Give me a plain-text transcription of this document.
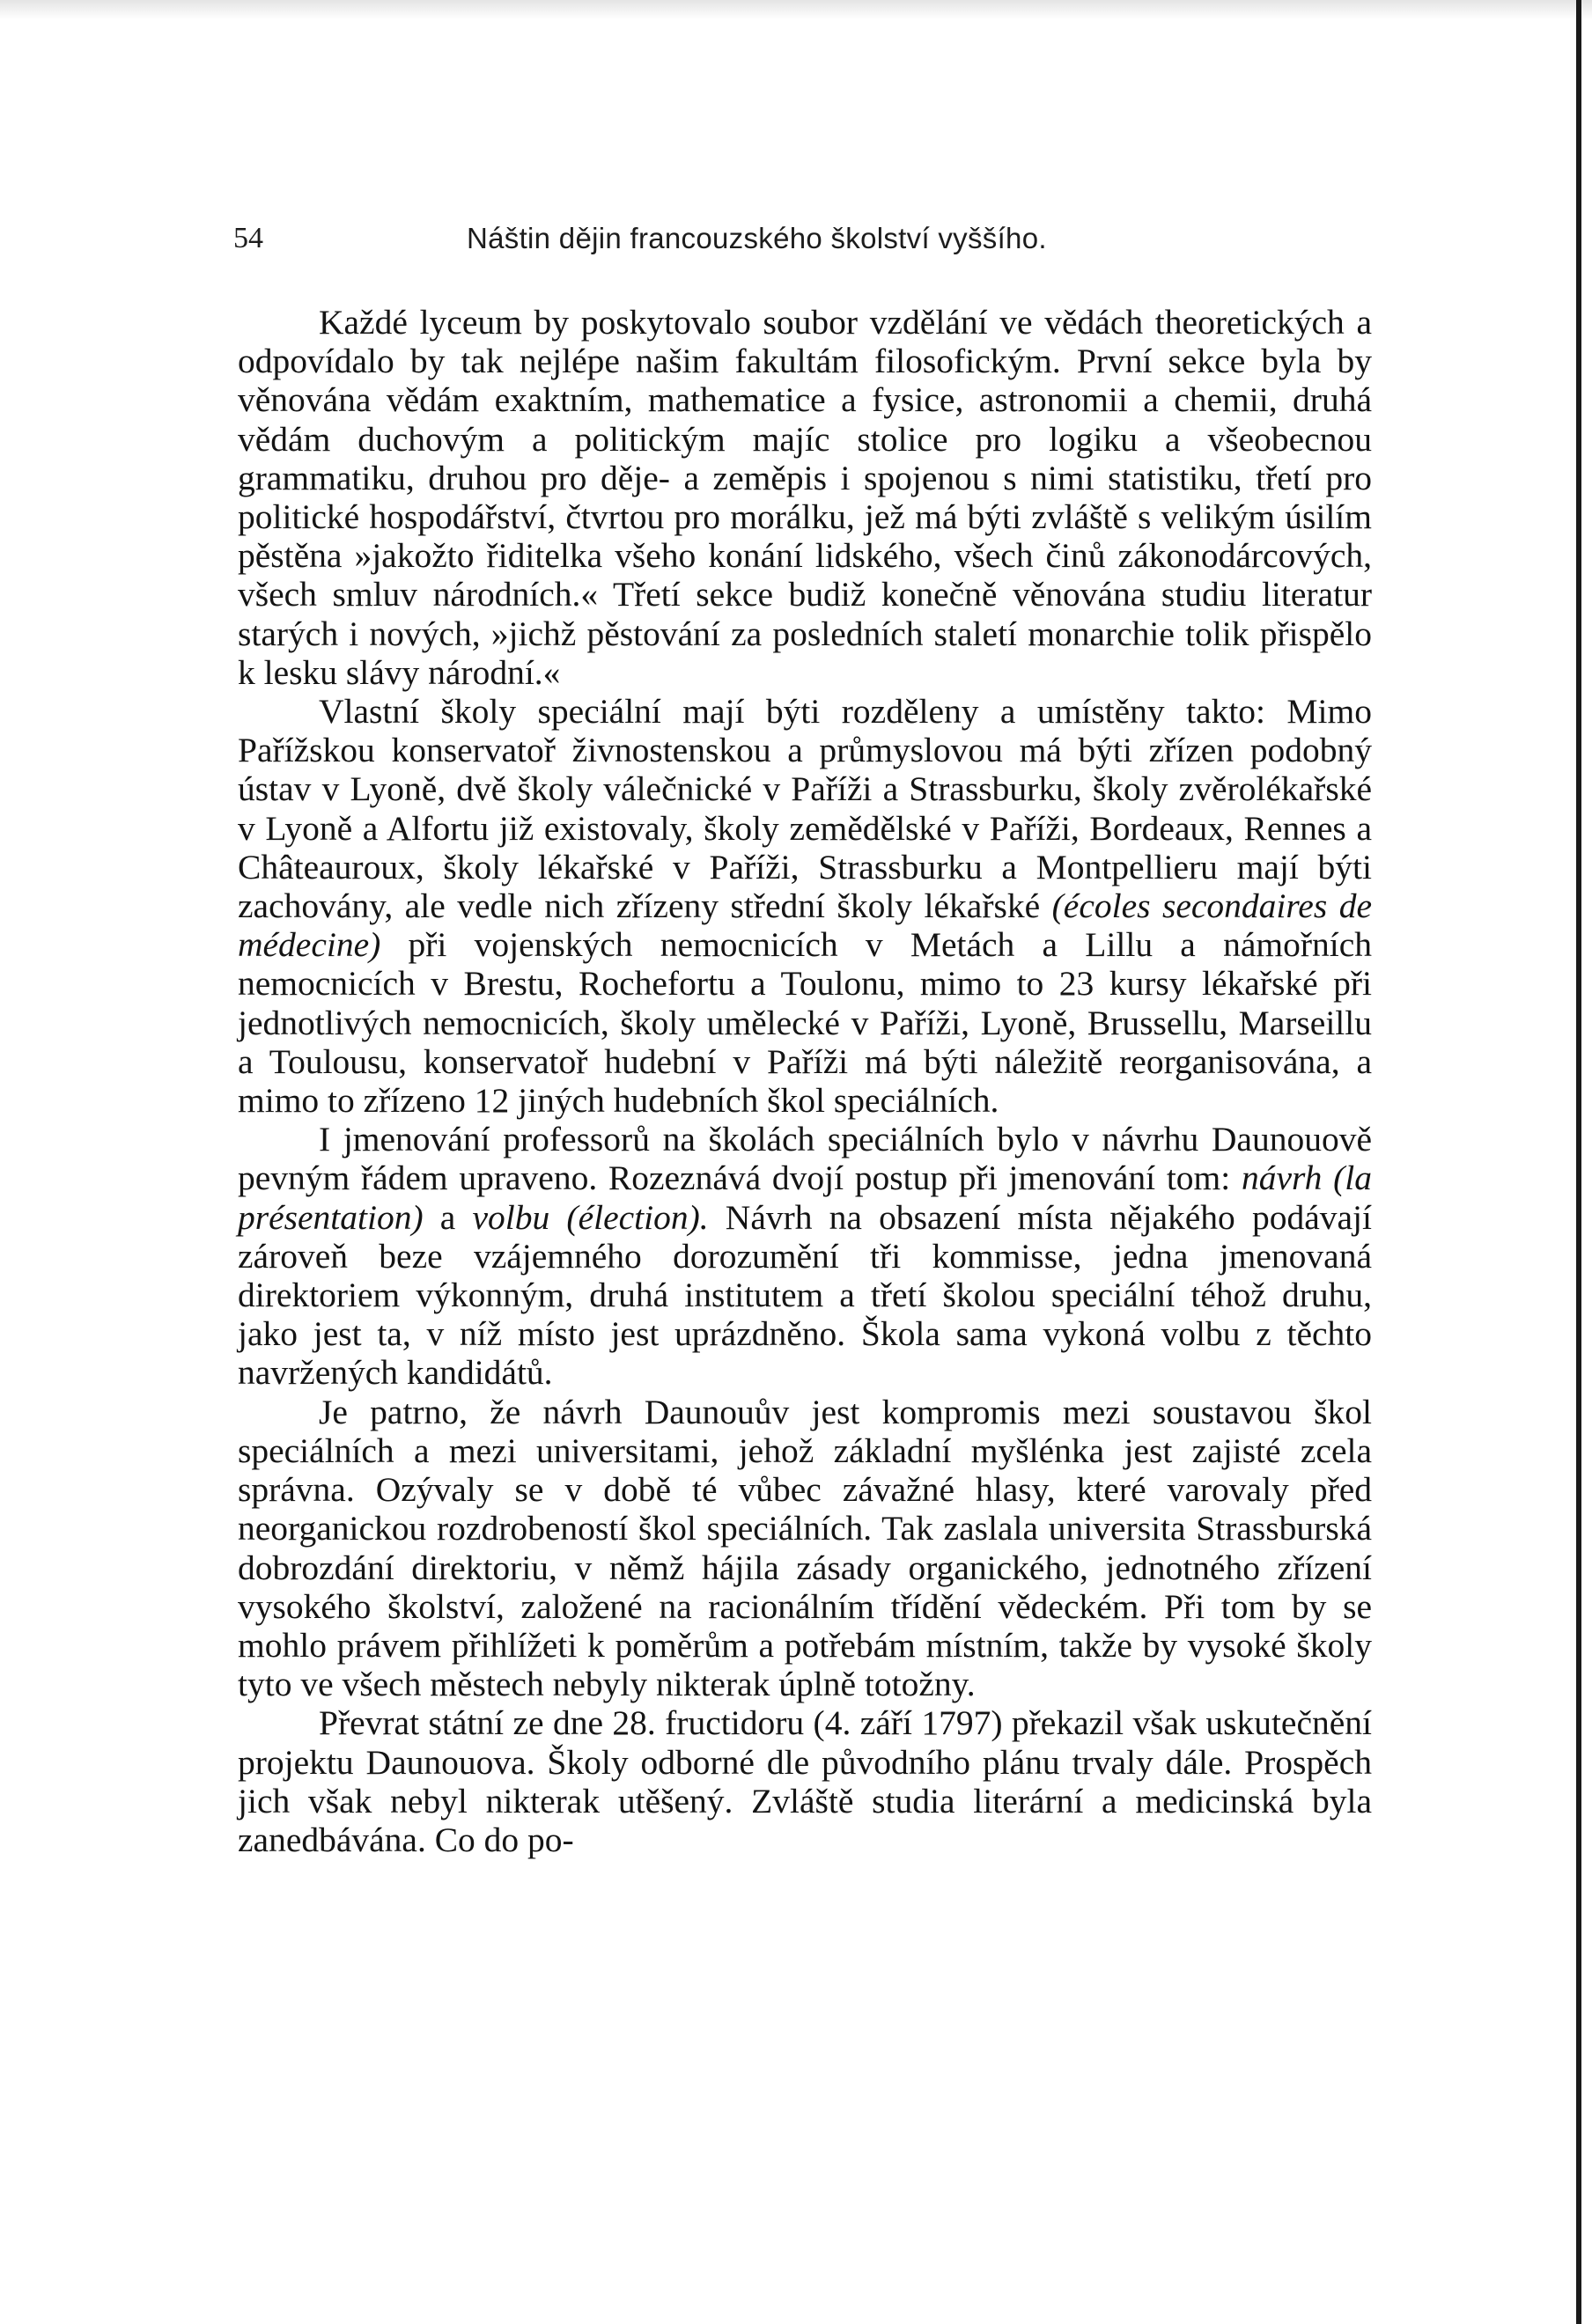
54	Náštin dějin francouzského školství vyššího.

Každé lyceum by poskytovalo soubor vzdělání ve vědách theoretických a odpovídalo by tak nejlépe našim fakultám filosofickým. První sekce byla by věnována vědám exaktním, mathematice a fysice, astronomii a chemii, druhá vědám duchovým a politickým majíc stolice pro logiku a všeobecnou grammatiku, druhou pro děje- a zeměpis i spojenou s nimi statistiku, třetí pro politické hospodářství, čtvrtou pro morálku, jež má býti zvláště s velikým úsilím pěstěna »jakožto řiditelka všeho konání lidského, všech činů zákonodárcových, všech smluv národních.« Třetí sekce budiž konečně věnována studiu literatur starých i nových, »jichž pěstování za posledních staletí monarchie tolik přispělo k lesku slávy národní.«

Vlastní školy speciální mají býti rozděleny a umístěny takto: Mimo Pařížskou konservatoř živnostenskou a průmyslovou má býti zřízen podobný ústav v Lyoně, dvě školy válečnické v Paříži a Strassburku, školy zvěrolékařské v Lyoně a Alfortu již existovaly, školy zemědělské v Paříži, Bordeaux, Rennes a Châteauroux, školy lékařské v Paříži, Strassburku a Montpellieru mají býti zachovány, ale vedle nich zřízeny střední školy lékařské (écoles secondaires de médecine) při vojenských nemocnicích v Metách a Lillu a námořních nemocnicích v Brestu, Rochefortu a Toulonu, mimo to 23 kursy lékařské při jednotlivých nemocnicích, školy umělecké v Paříži, Lyoně, Brussellu, Marseillu a Toulousu, konservatoř hudební v Paříži má býti náležitě reorganisována, a mimo to zřízeno 12 jiných hudebních škol speciálních.

I jmenování professorů na školách speciálních bylo v návrhu Daunouově pevným řádem upraveno. Rozeznává dvojí postup při jmenování tom: návrh (la présentation) a volbu (élection). Návrh na obsazení místa nějakého podávají zároveň beze vzájemného dorozumění tři kommisse, jedna jmenovaná direktoriem výkonným, druhá institutem a třetí školou speciální téhož druhu, jako jest ta, v níž místo jest uprázdněno. Škola sama vykoná volbu z těchto navržených kandidátů.

Je patrno, že návrh Daunouův jest kompromis mezi soustavou škol speciálních a mezi universitami, jehož základní myšlénka jest zajisté zcela správna. Ozývaly se v době té vůbec závažné hlasy, které varovaly před neorganickou rozdrobeností škol speciálních. Tak zaslala universita Strassburská dobrozdání direktoriu, v němž hájila zásady organického, jednotného zřízení vysokého školství, založené na racionálním třídění vědeckém. Při tom by se mohlo právem přihlížeti k poměrům a potřebám místním, takže by vysoké školy tyto ve všech městech nebyly nikterak úplně totožny.

Převrat státní ze dne 28. fructidoru (4. září 1797) překazil však uskutečnění projektu Daunouova. Školy odborné dle původního plánu trvaly dále. Prospěch jich však nebyl nikterak utěšený. Zvláště studia literární a medicinská byla zanedbávána. Co do po-
